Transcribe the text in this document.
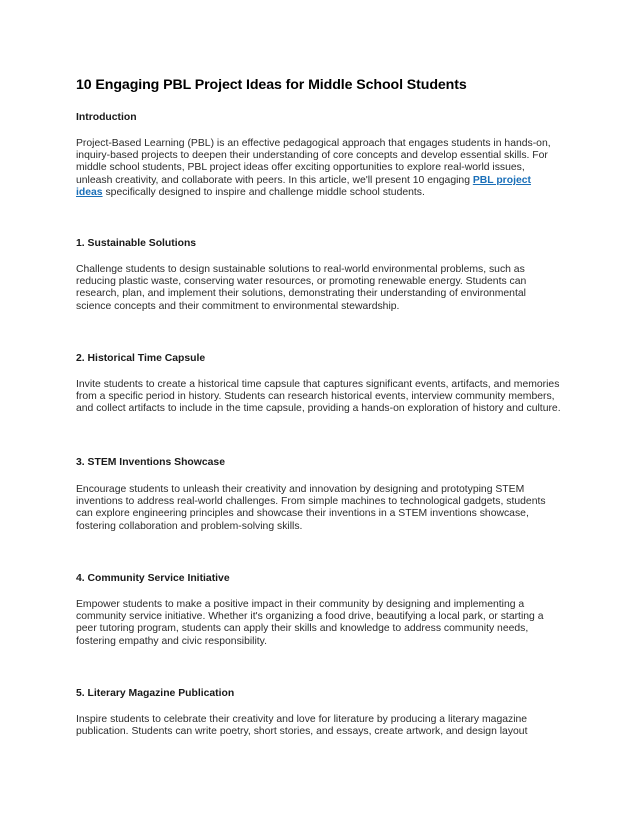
10 Engaging PBL Project Ideas for Middle School Students
Introduction
Project-Based Learning (PBL) is an effective pedagogical approach that engages students in hands-on,
inquiry-based projects to deepen their understanding of core concepts and develop essential skills. For
middle school students, PBL project ideas offer exciting opportunities to explore real-world issues,
unleash creativity, and collaborate with peers. In this article, we'll present 10 engaging PBL project
ideas specifically designed to inspire and challenge middle school students.
1. Sustainable Solutions
Challenge students to design sustainable solutions to real-world environmental problems, such as
reducing plastic waste, conserving water resources, or promoting renewable energy. Students can
research, plan, and implement their solutions, demonstrating their understanding of environmental
science concepts and their commitment to environmental stewardship.
2. Historical Time Capsule
Invite students to create a historical time capsule that captures significant events, artifacts, and memories
from a specific period in history. Students can research historical events, interview community members,
and collect artifacts to include in the time capsule, providing a hands-on exploration of history and culture.
3. STEM Inventions Showcase
Encourage students to unleash their creativity and innovation by designing and prototyping STEM
inventions to address real-world challenges. From simple machines to technological gadgets, students
can explore engineering principles and showcase their inventions in a STEM inventions showcase,
fostering collaboration and problem-solving skills.
4. Community Service Initiative
Empower students to make a positive impact in their community by designing and implementing a
community service initiative. Whether it's organizing a food drive, beautifying a local park, or starting a
peer tutoring program, students can apply their skills and knowledge to address community needs,
fostering empathy and civic responsibility.
5. Literary Magazine Publication
Inspire students to celebrate their creativity and love for literature by producing a literary magazine
publication. Students can write poetry, short stories, and essays, create artwork, and design layout
